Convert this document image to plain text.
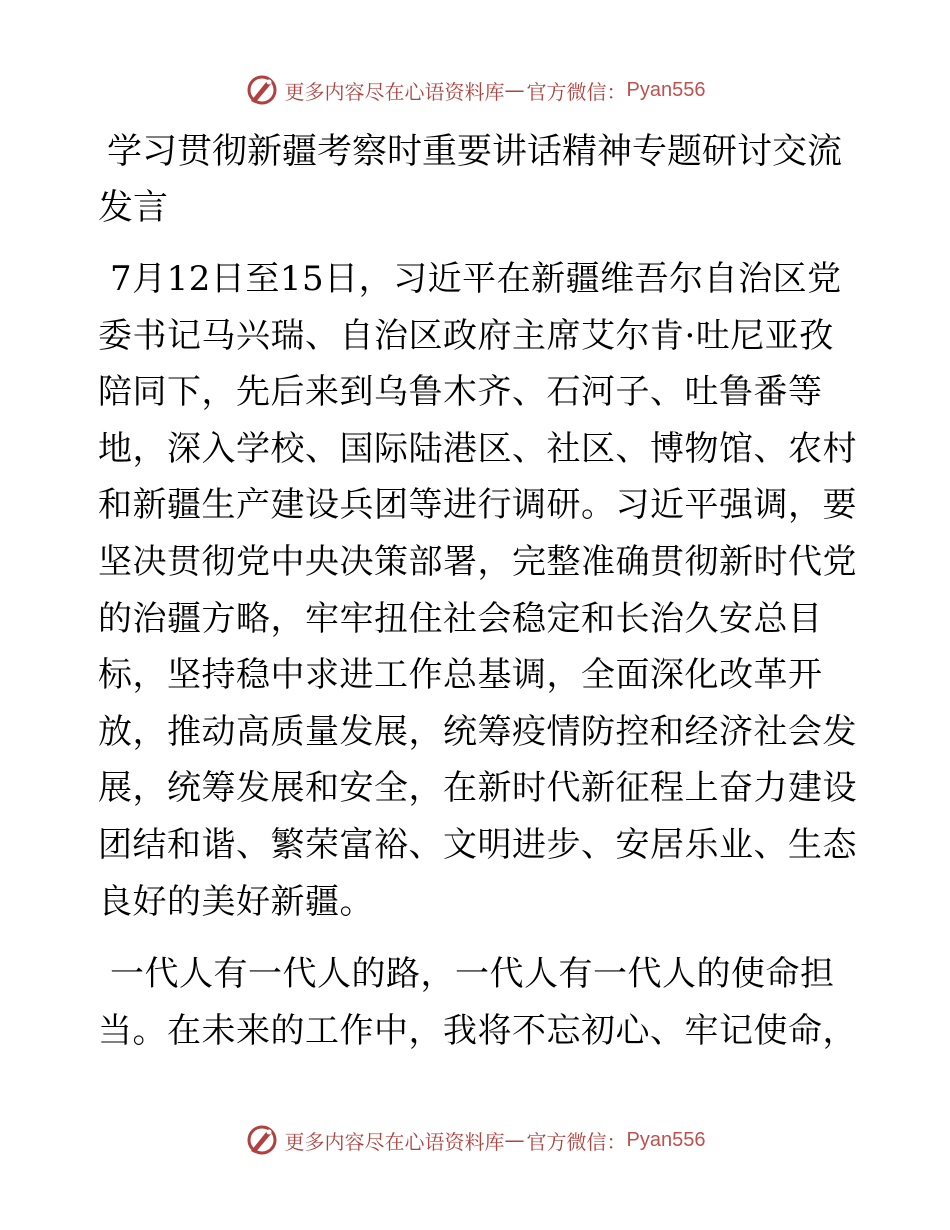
更多内容尽在心语资料库 — 官方微信： Pyan556
学习贯彻新疆考察时重要讲话精神专题研讨交流发言

7月12日至15日，习近平在新疆维吾尔自治区党委书记马兴瑞、自治区政府主席艾尔肯·吐尼亚孜陪同下，先后来到乌鲁木齐、石河子、吐鲁番等地，深入学校、国际陆港区、社区、博物馆、农村和新疆生产建设兵团等进行调研。习近平强调，要坚决贯彻党中央决策部署，完整准确贯彻新时代党的治疆方略，牢牢扭住社会稳定和长治久安总目标，坚持稳中求进工作总基调，全面深化改革开放，推动高质量发展，统筹疫情防控和经济社会发展，统筹发展和安全，在新时代新征程上奋力建设团结和谐、繁荣富裕、文明进步、安居乐业、生态良好的美好新疆。

一代人有一代人的路，一代人有一代人的使命担当。在未来的工作中，我将不忘初心、牢记使命，

更多内容尽在心语资料库 — 官方微信： Pyan556
